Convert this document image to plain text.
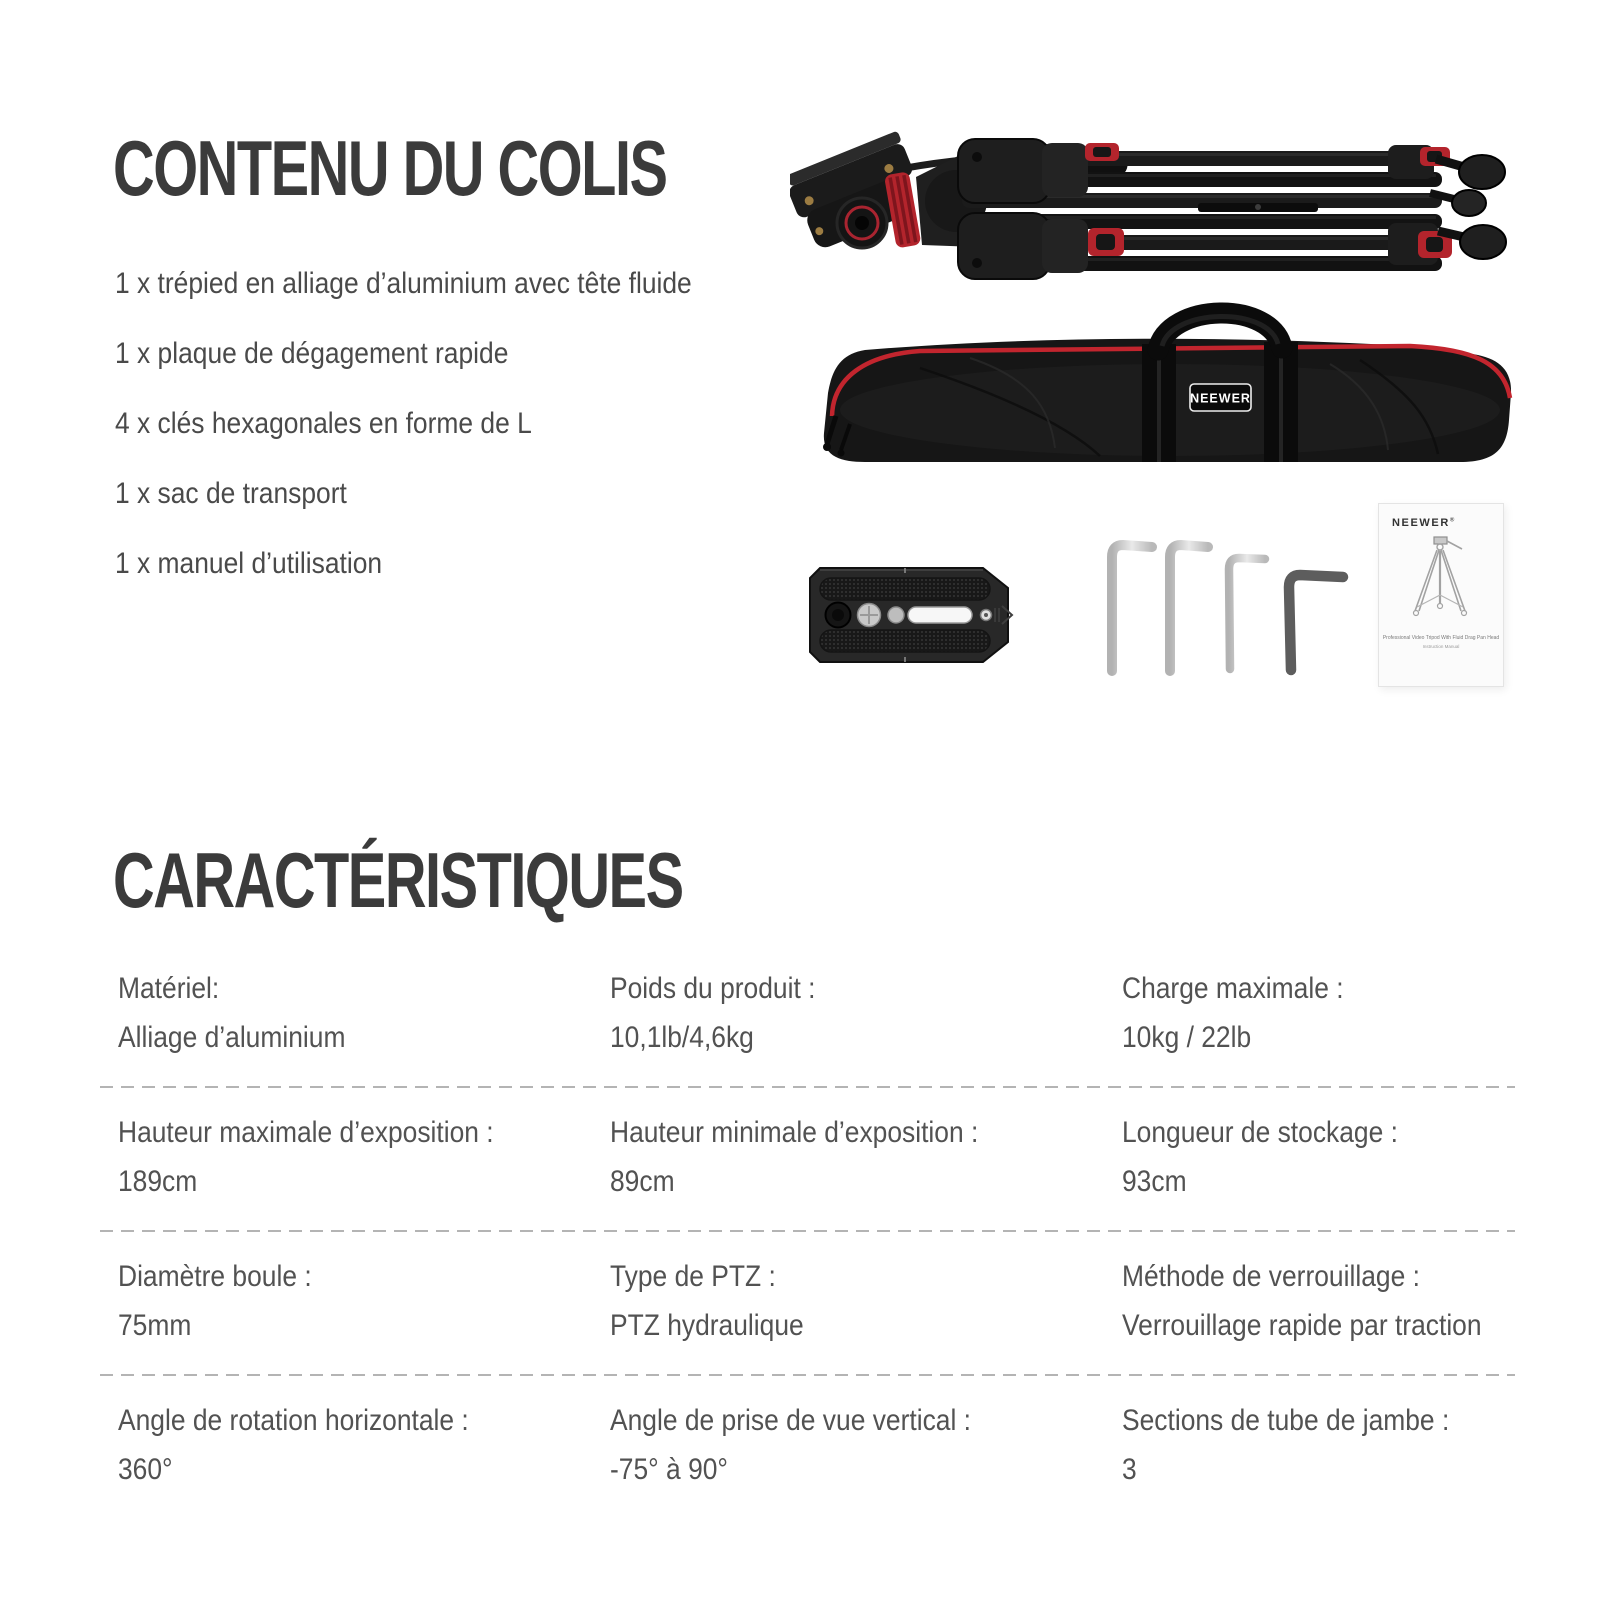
CONTENU DU COLIS
1 x trépied en alliage d’aluminium avec tête fluide
1 x plaque de dégagement rapide
4 x clés hexagonales en forme de L
1 x sac de transport
1 x manuel d’utilisation
NEEWER
NEEWER®
Professional Video Tripod With Fluid Drag Pan Head
Instruction Manual
CARACTÉRISTIQUES
Matériel:
Alliage d’aluminium
Poids du produit :
10,1lb/4,6kg
Charge maximale :
10kg / 22lb
Hauteur maximale d’exposition :
189cm
Hauteur minimale d’exposition :
89cm
Longueur de stockage :
93cm
Diamètre boule :
75mm
Type de PTZ :
PTZ hydraulique
Méthode de verrouillage :
Verrouillage rapide par traction
Angle de rotation horizontale :
360°
Angle de prise de vue vertical :
-75° à 90°
Sections de tube de jambe :
3
